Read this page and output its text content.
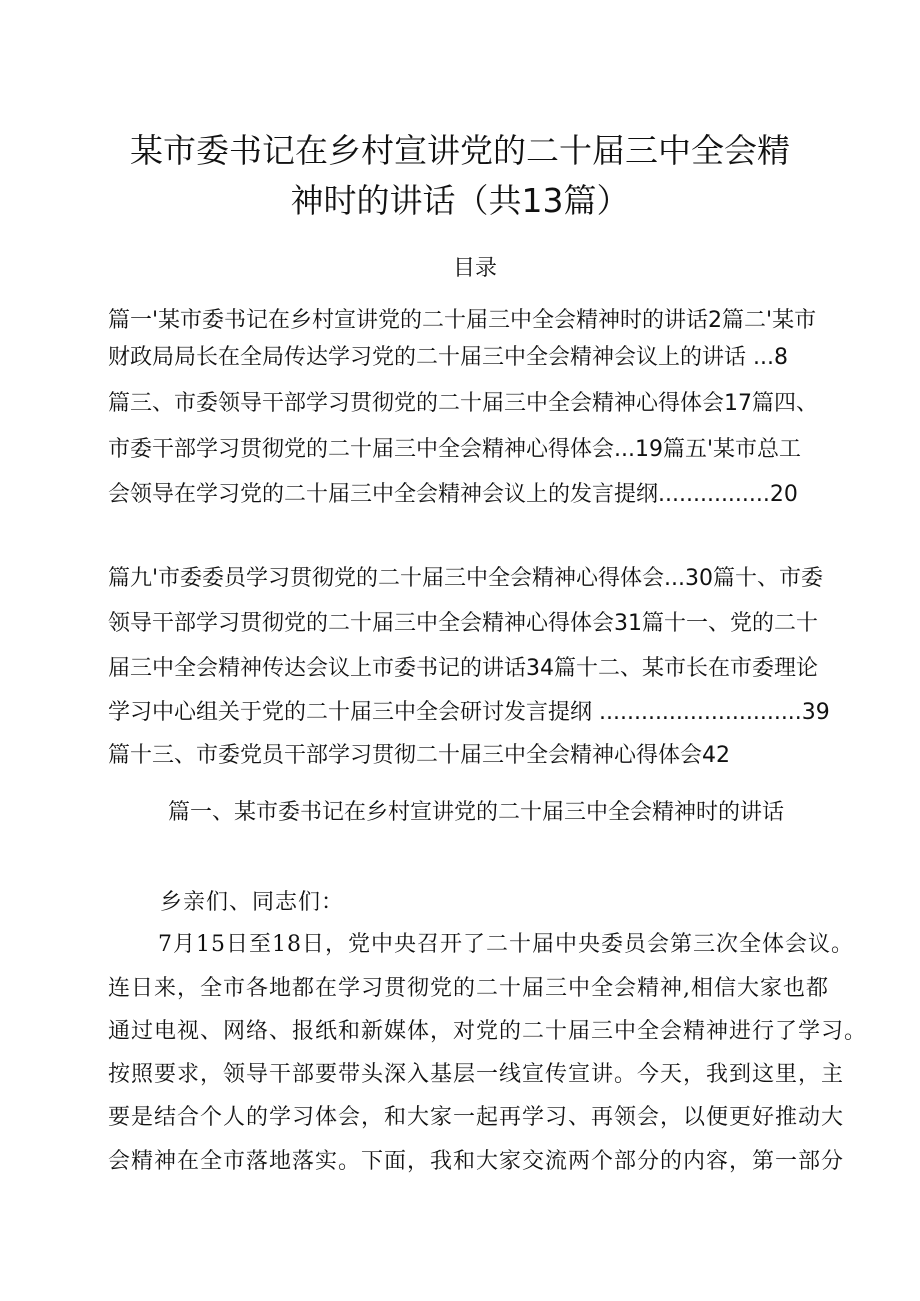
某市委书记在乡村宣讲党的二十届三中全会精
神时的讲话（共13篇）
目录
篇一'某市委书记在乡村宣讲党的二十届三中全会精神时的讲话2篇二'某市
财政局局长在全局传达学习党的二十届三中全会精神会议上的讲话 ...8
篇三、市委领导干部学习贯彻党的二十届三中全会精神心得体会17篇四、
市委干部学习贯彻党的二十届三中全会精神心得体会...19篇五'某市总工
会领导在学习党的二十届三中全会精神会议上的发言提纲................20
篇九'市委委员学习贯彻党的二十届三中全会精神心得体会...30篇十、市委
领导干部学习贯彻党的二十届三中全会精神心得体会31篇十一、党的二十
届三中全会精神传达会议上市委书记的讲话34篇十二、某市长在市委理论
学习中心组关于党的二十届三中全会研讨发言提纲 .............................39
篇十三、市委党员干部学习贯彻二十届三中全会精神心得体会42
篇一、某市委书记在乡村宣讲党的二十届三中全会精神时的讲话
乡亲们、同志们：
7月15日至18日，党中央召开了二十届中央委员会第三次全体会议。
连日来，全市各地都在学习贯彻党的二十届三中全会精神,相信大家也都
通过电视、网络、报纸和新媒体，对党的二十届三中全会精神进行了学习。
按照要求，领导干部要带头深入基层一线宣传宣讲。今天，我到这里，主
要是结合个人的学习体会，和大家一起再学习、再领会，以便更好推动大
会精神在全市落地落实。下面，我和大家交流两个部分的内容，第一部分
